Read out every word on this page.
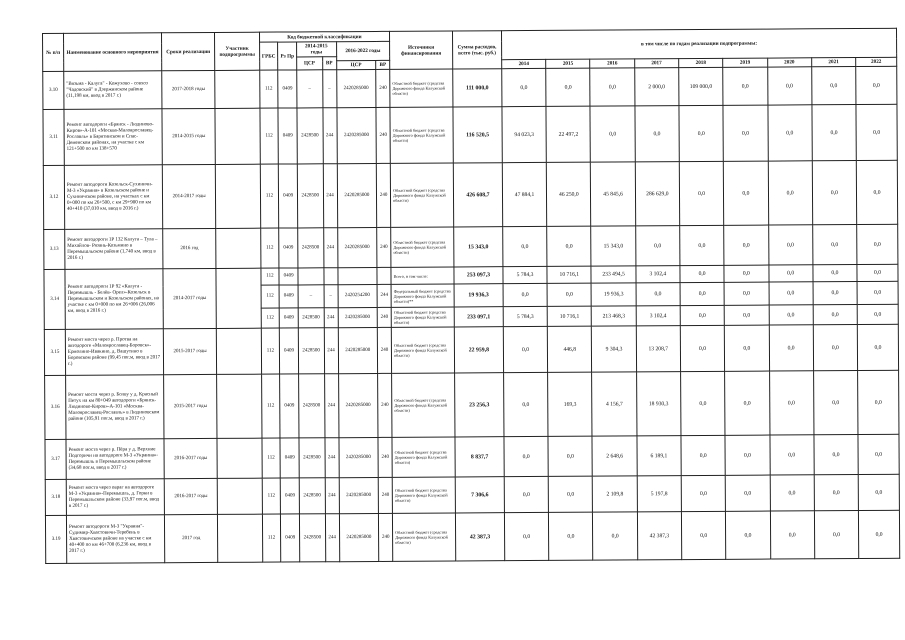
№ п/п	Наименование основного мероприятия	Сроки реализации	Участник подпрограммы	Код бюджетной классификации						Источники финансирования	Сумма расходов, всего (тыс. руб.)	в том числе по годам реализации подпрограммы:								
				ГРБС	Рз Пр	2014-2015 годы		2016-2022 годы												
						ЦСР	ВР													
								ЦСР	ВР			2014	2015	2016	2017	2018	2019	2020	2021	2022
3.10	"Вязьма - Калуга" - Кожухово - совхоз "Чадовский" в Дзержинском районе (11,198 км, ввод в 2017 г.)	2017-2018 годы		112	0409	–	–	2420285000	240	Областной бюджет (средства Дорожного фонда Калужской области)	111 000,0	0,0	0,0	0,0	2 000,0	109 000,0	0,0	0,0	0,0	0,0
3.11	Ремонт автодороги «Брянск - Людиново- Киров»-А-101 «Москва-Малоярославец- Рославль» в Барятинском и Спас-Деменском районах, на участке с км 121+500 по км 138+570	2014-2015 годы		112	0409	2428500	244	2420285000	240	Областной бюджет (средства Дорожного фонда Калужской области)	116 520,5	94 023,3	22 497,2	0,0	0,0	0,0	0,0	0,0	0,0	0,0
3.12	Ремонт автодороги Козельск-Сухиничи-М-3 «Украина» в Козельском районе и Сухиничском районе, на участках с км 0+000 по км 26+500, с км 29+900 по км 40+410 (37,010 км, ввод в 2016 г.)	2014-2017 годы		112	0409	2428500	244	2420285000	240	Областной бюджет (средства Дорожного фонда Калужской области)	426 608,7	47 884,1	46 250,0	45 845,6	286 629,0	0,0	0,0	0,0	0,0	0,0
3.13	Ремонт автодороги 1Р 132 Калуга – Тула – Михайлов- Рязань-Козьмино в Перемышльском районе (1,740 км, ввод в 2016 г.)	2016 год		112	0409	2428500	244	2420285000	240	Областной бюджет (средства Дорожного фонда Калужской области)	15 343,0	0,0	0,0	15 343,0	0,0	0,0	0,0	0,0	0,0	0,0
3.14	Ремонт автодороги 1Р 92 «Калуга - Перемышль - Белёв- Орел»-Козельск в Перемышльском и Козельском районах, на участке с км 0+000 по км 26+006 (26,006 км, ввод в 2016 г.)	2014-2017 годы		112	0409					Всего, в том числе:	253 097,3	5 784,3	10 716,1	233 494,5	3 102,4	0,0	0,0	0,0	0,0	0,0
				112	0409	–	–	2420254200	244	Федеральный бюджет (средства Дорожного фонда Калужской области)**	19 936,3	0,0	0,0	19 936,3	0,0	0,0	0,0	0,0	0,0	0,0
				112	0409	2428500	244	2420285000	240	Областной бюджет (средства Дорожного фонда Калужской области)	233 097,1	5 784,3	10 716,1	213 468,3	3 102,4	0,0	0,0	0,0	0,0	0,0
3.15	Ремонт моста через р. Протва на автодороге «Малоярославец-Боровск»-Ермолино-Ивакино, д. Вашутино в Боровском районе (99,45 пог.м, ввод в 2017 г.)	2015-2017 годы		112	0409	2428500	244	2420285000	240	Областной бюджет (средства Дорожного фонда Калужской области)	22 959,8	0,0	446,8	9 304,3	13 208,7	0,0	0,0	0,0	0,0	0,0
3.16	Ремонт моста через р. Болву у д. Красный Петух на км 80+049 автодороги «Брянск-Людиново-Киров»-А-101 «Москва-Малоярославец-Рославль» в Людиновском районе (105,91 пог.м, ввод в 2017 г.)	2015-2017 годы		112	0409	2428500	244	2420285000	240	Областной бюджет (средства Дорожного фонда Калужской области)	23 256,3	0,0	169,3	4 156,7	18 930,3	0,0	0,0	0,0	0,0	0,0
3.17	Ремонт моста через р. Пёра у д. Верхние Подгоричи на автодороге М-3 «Украина»-Перемышль в Перемышльском районе (34,68 пог.м, ввод в 2017 г.)	2016-2017 годы		112	0409	2428500	244	2420285000	240	Областной бюджет (средства Дорожного фонда Калужской области)	8 837,7	0,0	0,0	2 648,6	6 189,1	0,0	0,0	0,0	0,0	0,0
3.18	Ремонт моста через овраг на автодороге М-3 «Украина»-Перемышль, д. Горки в Перемышльском районе (33,97 пог.м, ввод в 2017 г.)	2016-2017 годы		112	0409	2428500	244	2420285000	240	Областной бюджет (средства Дорожного фонда Калужской области)	7 306,6	0,0	0,0	2 109,8	5 197,8	0,0	0,0	0,0	0,0	0,0
3.19	Ремонт автодороги М-3 "Украина"-Судимир-Хвастовичи-Теребень в Хвастовичском районе на участке с км 40+400 по км 46+700 (6,236 км, ввод в 2017 г.)	2017 год		112	0409	2428500	244	2420285000	240	Областной бюджет (средства Дорожного фонда Калужской области)	42 387,3	0,0	0,0	0,0	42 387,3	0,0	0,0	0,0	0,0	0,0
